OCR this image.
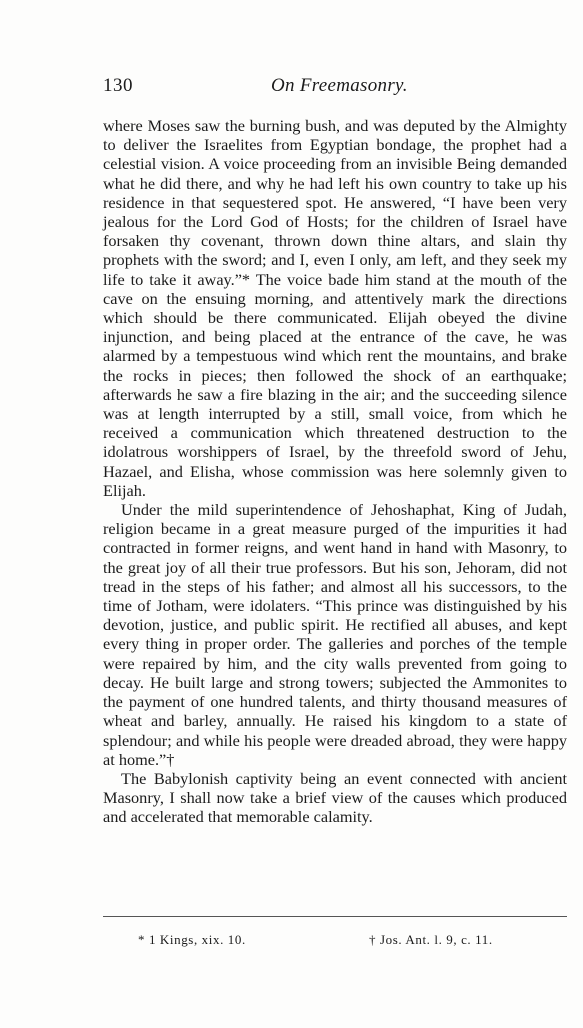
130	On Freemasonry.

where Moses saw the burning bush, and was deputed by the Almighty to deliver the Israelites from Egyptian bondage, the prophet had a celestial vision. A voice proceeding from an invisible Being demanded what he did there, and why he had left his own country to take up his residence in that sequestered spot. He answered, “I have been very jealous for the Lord God of Hosts; for the children of Israel have forsaken thy covenant, thrown down thine altars, and slain thy prophets with the sword; and I, even I only, am left, and they seek my life to take it away.”* The voice bade him stand at the mouth of the cave on the ensuing morning, and attentively mark the directions which should be there communicated. Elijah obeyed the divine injunction, and being placed at the entrance of the cave, he was alarmed by a tempestuous wind which rent the mountains, and brake the rocks in pieces; then followed the shock of an earthquake; afterwards he saw a fire blazing in the air; and the succeeding silence was at length interrupted by a still, small voice, from which he received a communication which threatened destruction to the idolatrous worshippers of Israel, by the threefold sword of Jehu, Hazael, and Elisha, whose commission was here solemnly given to Elijah.

Under the mild superintendence of Jehoshaphat, King of Judah, religion became in a great measure purged of the impurities it had contracted in former reigns, and went hand in hand with Masonry, to the great joy of all their true professors. But his son, Jehoram, did not tread in the steps of his father; and almost all his successors, to the time of Jotham, were idolaters. “This prince was distinguished by his devotion, justice, and public spirit. He rectified all abuses, and kept every thing in proper order. The galleries and porches of the temple were repaired by him, and the city walls prevented from going to decay. He built large and strong towers; subjected the Ammonites to the payment of one hundred talents, and thirty thousand measures of wheat and barley, annually. He raised his kingdom to a state of splendour; and while his people were dreaded abroad, they were happy at home.”†

The Babylonish captivity being an event connected with ancient Masonry, I shall now take a brief view of the causes which produced and accelerated that memorable calamity.

* 1 Kings, xix. 10.	† Jos. Ant. l. 9, c. 11.
